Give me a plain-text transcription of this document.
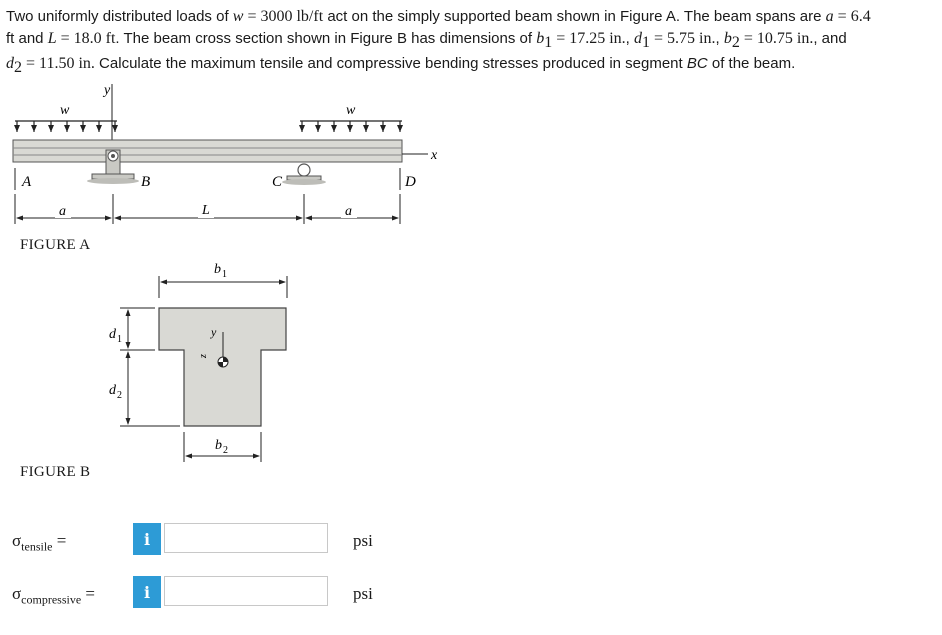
Two uniformly distributed loads of w = 3000 lb/ft act on the simply supported beam shown in Figure A. The beam spans are a = 6.4
ft and L = 18.0 ft. The beam cross section shown in Figure B has dimensions of $b_1 = 17.25$ in., $d_1 = 5.75$ in., $b_2 = 10.75$ in., and
$d_2 = 11.50$ in. Calculate the maximum tensile and compressive bending stresses produced in segment BC of the beam.
y
w	w
x
A	B	C	D
a	L	a
FIGURE A
b 1
y
z
d 1
d 2
b 2
FIGURE B
$\sigma_{tensile}$ =	i	psi
$\sigma_{compressive}$ =	i	psi
